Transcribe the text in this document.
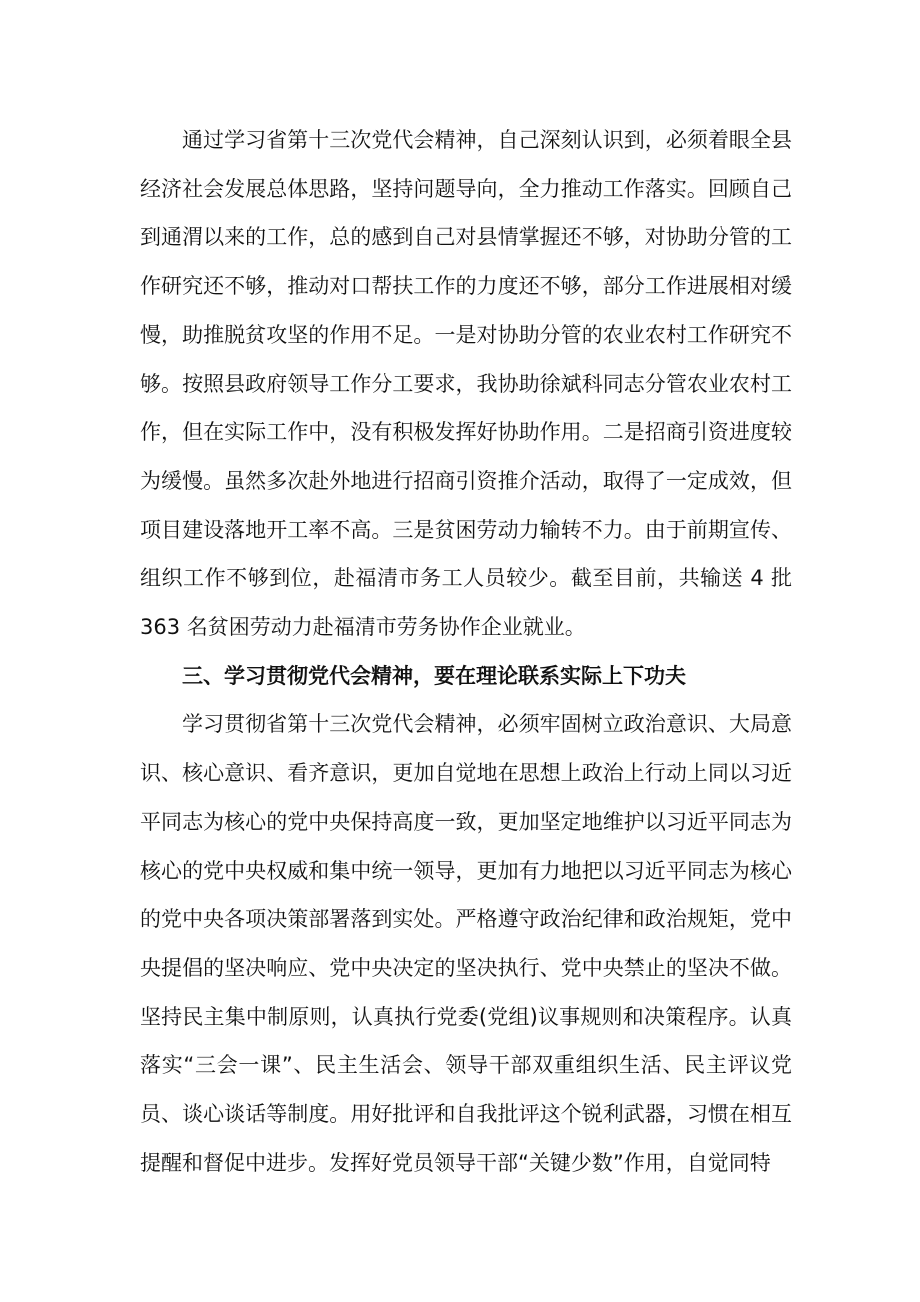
通过学习省第十三次党代会精神，自己深刻认识到，必须着眼全县经济社会发展总体思路，坚持问题导向，全力推动工作落实。回顾自己到通渭以来的工作，总的感到自己对县情掌握还不够，对协助分管的工作研究还不够，推动对口帮扶工作的力度还不够，部分工作进展相对缓慢，助推脱贫攻坚的作用不足。一是对协助分管的农业农村工作研究不够。按照县政府领导工作分工要求，我协助徐斌科同志分管农业农村工作，但在实际工作中，没有积极发挥好协助作用。二是招商引资进度较为缓慢。虽然多次赴外地进行招商引资推介活动，取得了一定成效，但项目建设落地开工率不高。三是贫困劳动力输转不力。由于前期宣传、组织工作不够到位，赴福清市务工人员较少。截至目前，共输送 4 批 363 名贫困劳动力赴福清市劳务协作企业就业。

三、学习贯彻党代会精神，要在理论联系实际上下功夫

学习贯彻省第十三次党代会精神，必须牢固树立政治意识、大局意识、核心意识、看齐意识，更加自觉地在思想上政治上行动上同以习近平同志为核心的党中央保持高度一致，更加坚定地维护以习近平同志为核心的党中央权威和集中统一领导，更加有力地把以习近平同志为核心的党中央各项决策部署落到实处。严格遵守政治纪律和政治规矩，党中央提倡的坚决响应、党中央决定的坚决执行、党中央禁止的坚决不做。坚持民主集中制原则，认真执行党委(党组)议事规则和决策程序。认真落实“三会一课”、民主生活会、领导干部双重组织生活、民主评议党员、谈心谈话等制度。用好批评和自我批评这个锐利武器，习惯在相互提醒和督促中进步。发挥好党员领导干部“关键少数”作用，自觉同特
